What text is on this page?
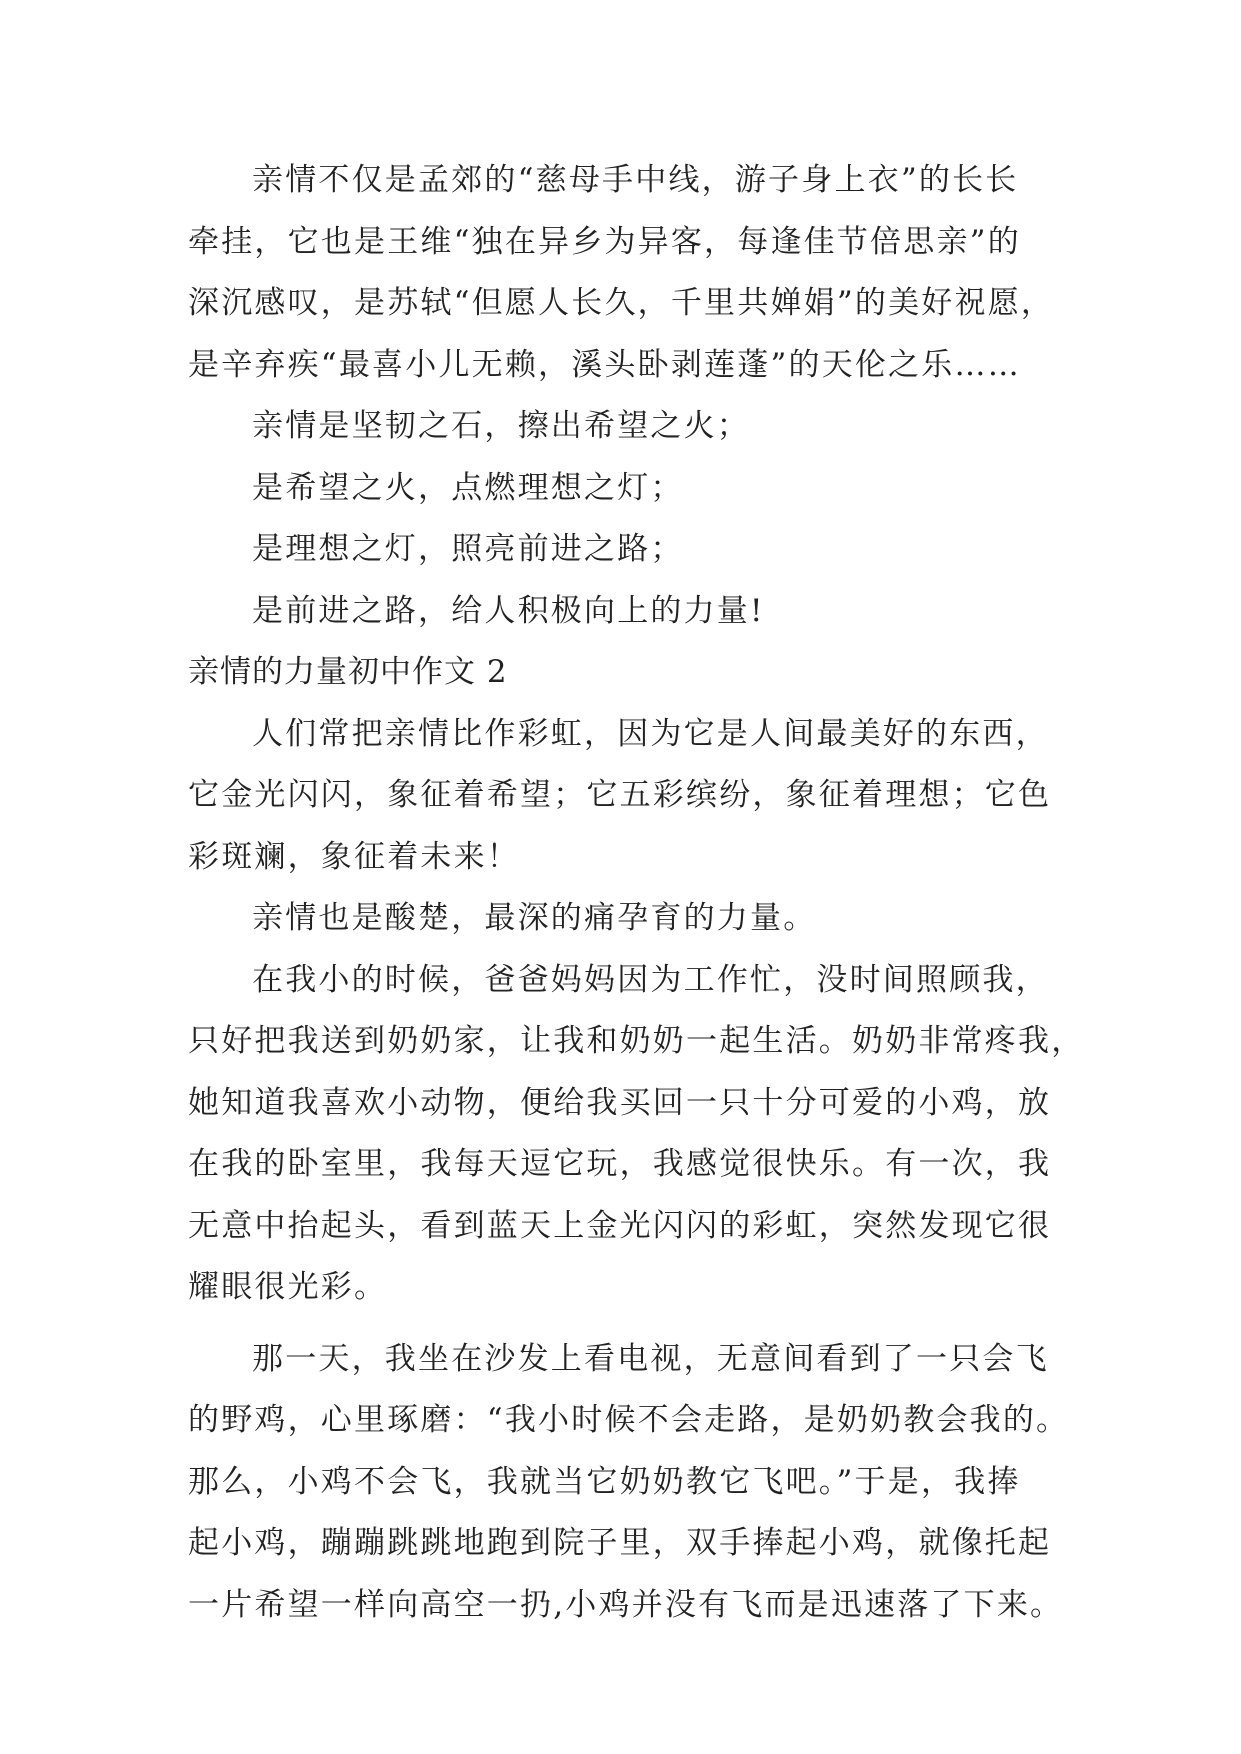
亲情不仅是孟郊的“慈母手中线，游子身上衣”的长长
牵挂，它也是王维“独在异乡为异客，每逢佳节倍思亲”的
深沉感叹，是苏轼“但愿人长久，千里共婵娟”的美好祝愿，
是辛弃疾“最喜小儿无赖，溪头卧剥莲蓬”的天伦之乐……
亲情是坚韧之石，擦出希望之火；
是希望之火，点燃理想之灯；
是理想之灯，照亮前进之路；
是前进之路，给人积极向上的力量!
亲情的力量初中作文 2
人们常把亲情比作彩虹，因为它是人间最美好的东西，
它金光闪闪，象征着希望；它五彩缤纷，象征着理想；它色
彩斑斓，象征着未来！
亲情也是酸楚，最深的痛孕育的力量。
在我小的时候，爸爸妈妈因为工作忙，没时间照顾我，
只好把我送到奶奶家，让我和奶奶一起生活。奶奶非常疼我，
她知道我喜欢小动物，便给我买回一只十分可爱的小鸡，放
在我的卧室里，我每天逗它玩，我感觉很快乐。有一次，我
无意中抬起头，看到蓝天上金光闪闪的彩虹，突然发现它很
耀眼很光彩。
那一天，我坐在沙发上看电视，无意间看到了一只会飞
的野鸡，心里琢磨：“我小时候不会走路，是奶奶教会我的。
那么，小鸡不会飞，我就当它奶奶教它飞吧。”于是，我捧
起小鸡，蹦蹦跳跳地跑到院子里，双手捧起小鸡，就像托起
一片希望一样向高空一扔,小鸡并没有飞而是迅速落了下来。
